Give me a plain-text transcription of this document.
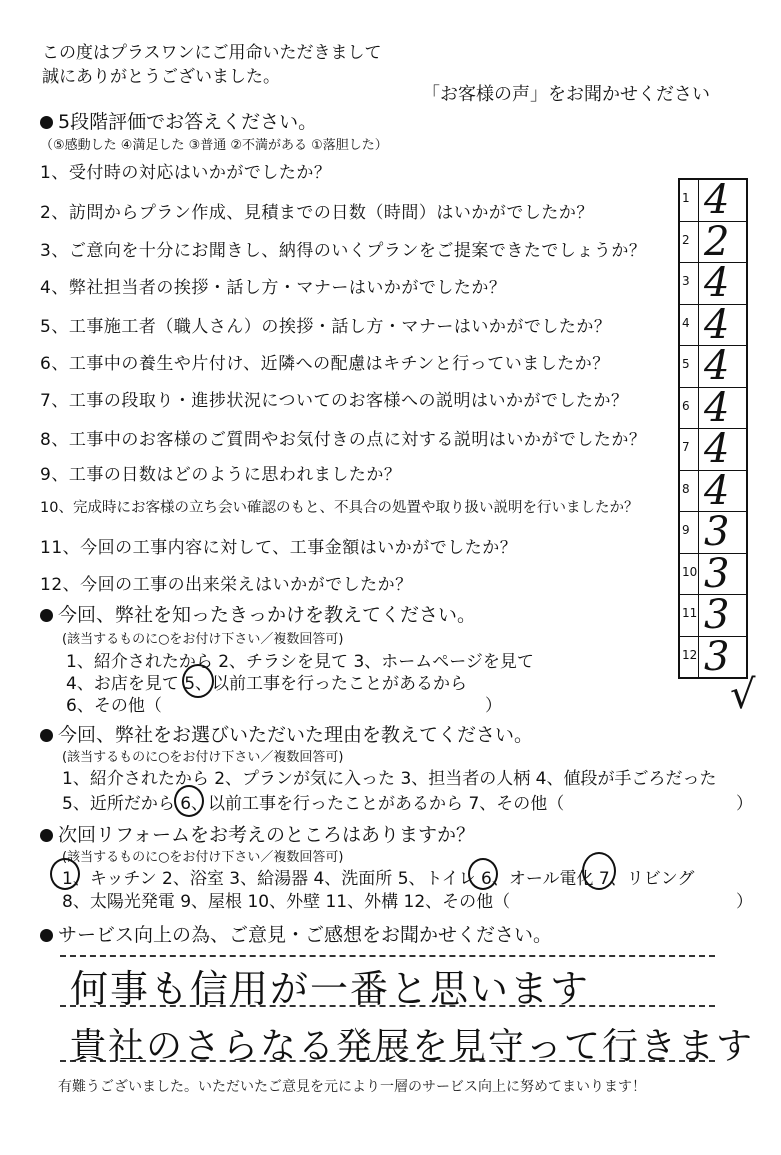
この度はプラスワンにご用命いただきまして
誠にありがとうございました。
「お客様の声」をお聞かせください
5段階評価でお答えください。
（⑤感動した ④満足した ③普通 ②不満がある ①落胆した）
1、受付時の対応はいかがでしたか？
2、訪問からプラン作成、見積までの日数（時間）はいかがでしたか？
3、ご意向を十分にお聞きし、納得のいくプランをご提案できたでしょうか？
4、弊社担当者の挨拶・話し方・マナーはいかがでしたか？
5、工事施工者（職人さん）の挨拶・話し方・マナーはいかがでしたか？
6、工事中の養生や片付け、近隣への配慮はキチンと行っていましたか？
7、工事の段取り・進捗状況についてのお客様への説明はいかがでしたか？
8、工事中のお客様のご質問やお気付きの点に対する説明はいかがでしたか？
9、工事の日数はどのように思われましたか？
10、完成時にお客様の立ち会い確認のもと、不具合の処置や取り扱い説明を行いましたか？
11、今回の工事内容に対して、工事金額はいかがでしたか？
12、今回の工事の出来栄えはいかがでしたか？
1 4
2 2
3 4
4 4
5 4
6 4
7 4
8 4
9 3
10 3
11 3
12 3
√
今回、弊社を知ったきっかけを教えてください。
(該当するものに○をお付け下さい／複数回答可)
1、紹介されたから 2、チラシを見て 3、ホームページを見て
4、お店を見て 5、以前工事を行ったことがあるから
6、その他（	）
今回、弊社をお選びいただいた理由を教えてください。
(該当するものに○をお付け下さい／複数回答可)
1、紹介されたから 2、プランが気に入った 3、担当者の人柄 4、値段が手ごろだった
5、近所だから 6、以前工事を行ったことがあるから 7、その他（	）
次回リフォームをお考えのところはありますか？
(該当するものに○をお付け下さい／複数回答可)
1、キッチン 2、浴室 3、給湯器 4、洗面所 5、トイレ 6、オール電化 7、リビング
8、太陽光発電 9、屋根 10、外壁 11、外構 12、その他（	）
サービス向上の為、ご意見・ご感想をお聞かせください。
何事も信用が一番と思います
貴社のさらなる発展を見守って行きます
有難うございました。いただいたご意見を元により一層のサービス向上に努めてまいります！
